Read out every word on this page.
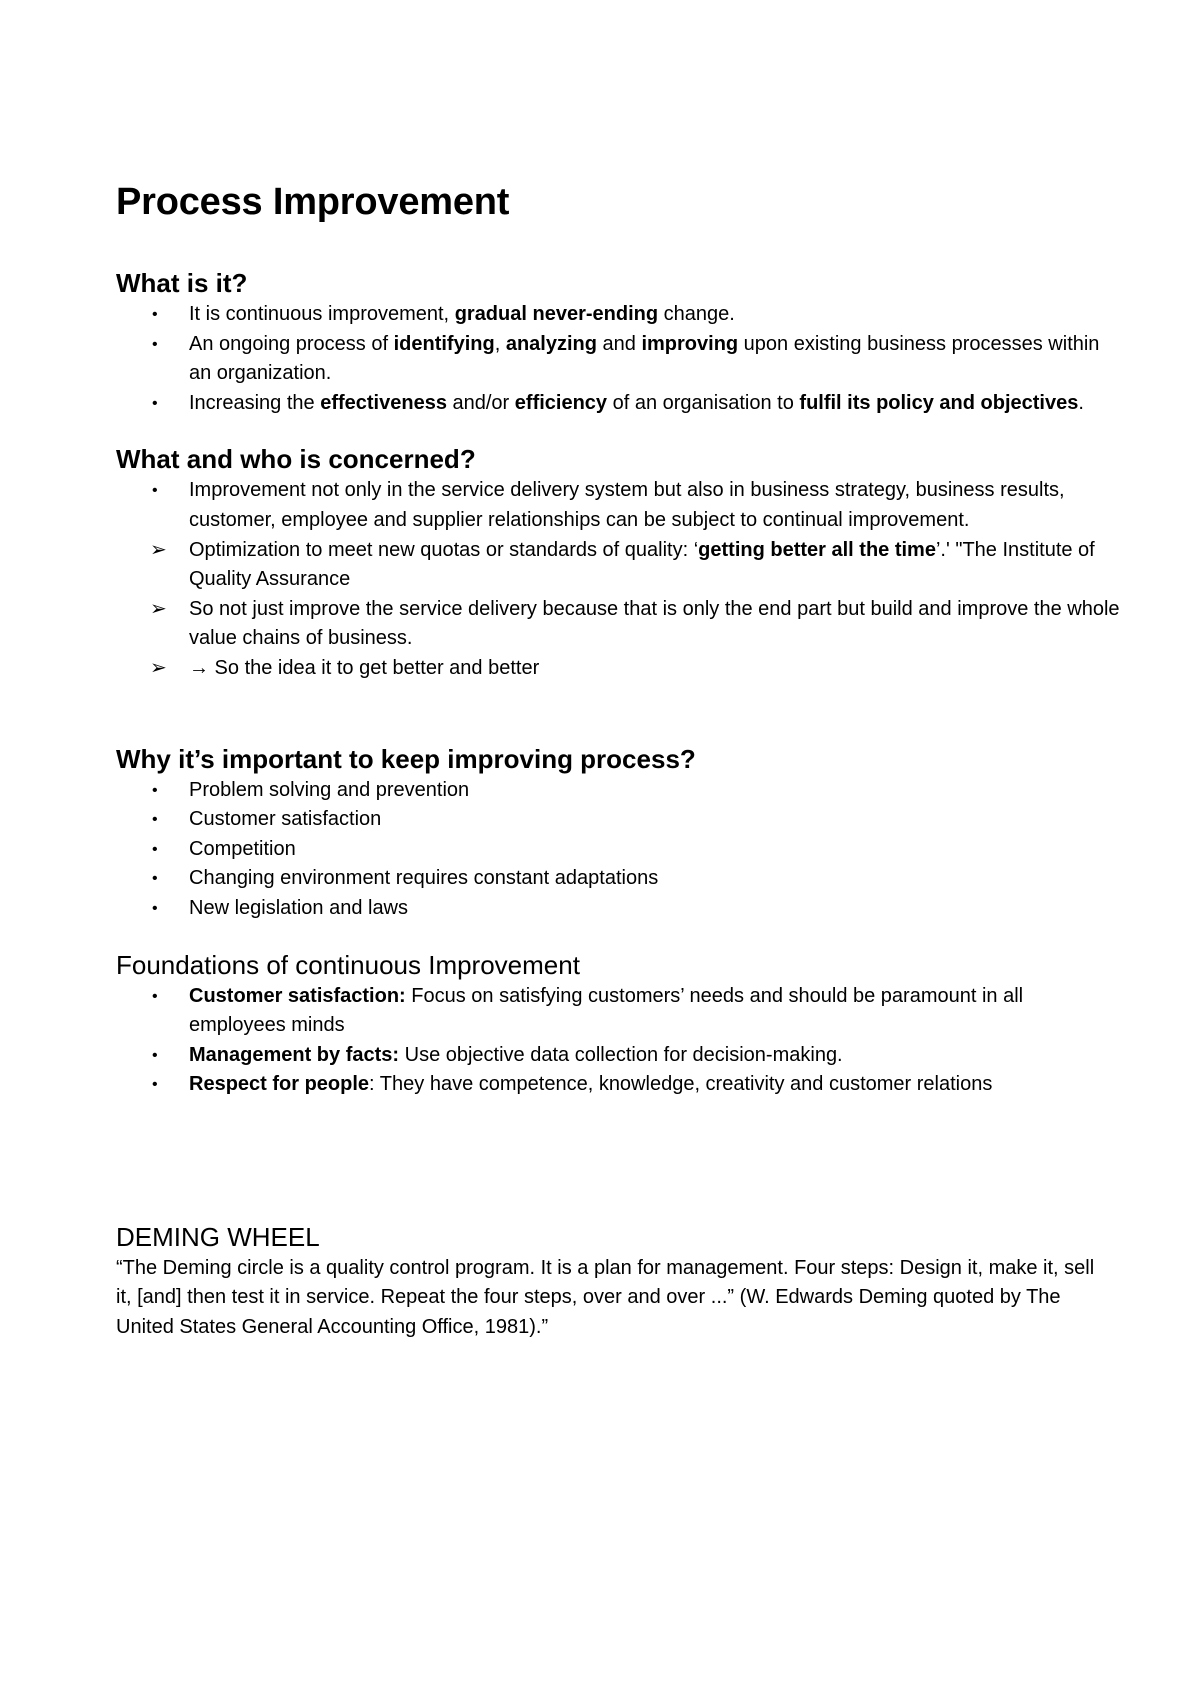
Process Improvement
What is it?
•	It is continuous improvement, gradual never-ending change.
•	An ongoing process of identifying, analyzing and improving upon existing business processes within an organization.
•	Increasing the effectiveness and/or efficiency of an organisation to fulfil its policy and objectives.
What and who is concerned?
•	Improvement not only in the service delivery system but also in business strategy, business results, customer, employee and supplier relationships can be subject to continual improvement.
➢ Optimization to meet new quotas or standards of quality: ‘getting better all the time’.' "The Institute of Quality Assurance
➢ So not just improve the service delivery because that is only the end part but build and improve the whole value chains of business.
➢ → So the idea it to get better and better
Why it’s important to keep improving process?
•	Problem solving and prevention
•	Customer satisfaction
•	Competition
•	Changing environment requires constant adaptations
•	New legislation and laws
Foundations of continuous Improvement
•	Customer satisfaction: Focus on satisfying customers’ needs and should be paramount in all employees minds
•	Management by facts: Use objective data collection for decision-making.
•	Respect for people: They have competence, knowledge, creativity and customer relations
DEMING WHEEL

“The Deming circle is a quality control program. It is a plan for management. Four steps: Design it, make it, sell it, [and] then test it in service. Repeat the four steps, over and over ...” (W. Edwards Deming quoted by The United States General Accounting Office, 1981).”
